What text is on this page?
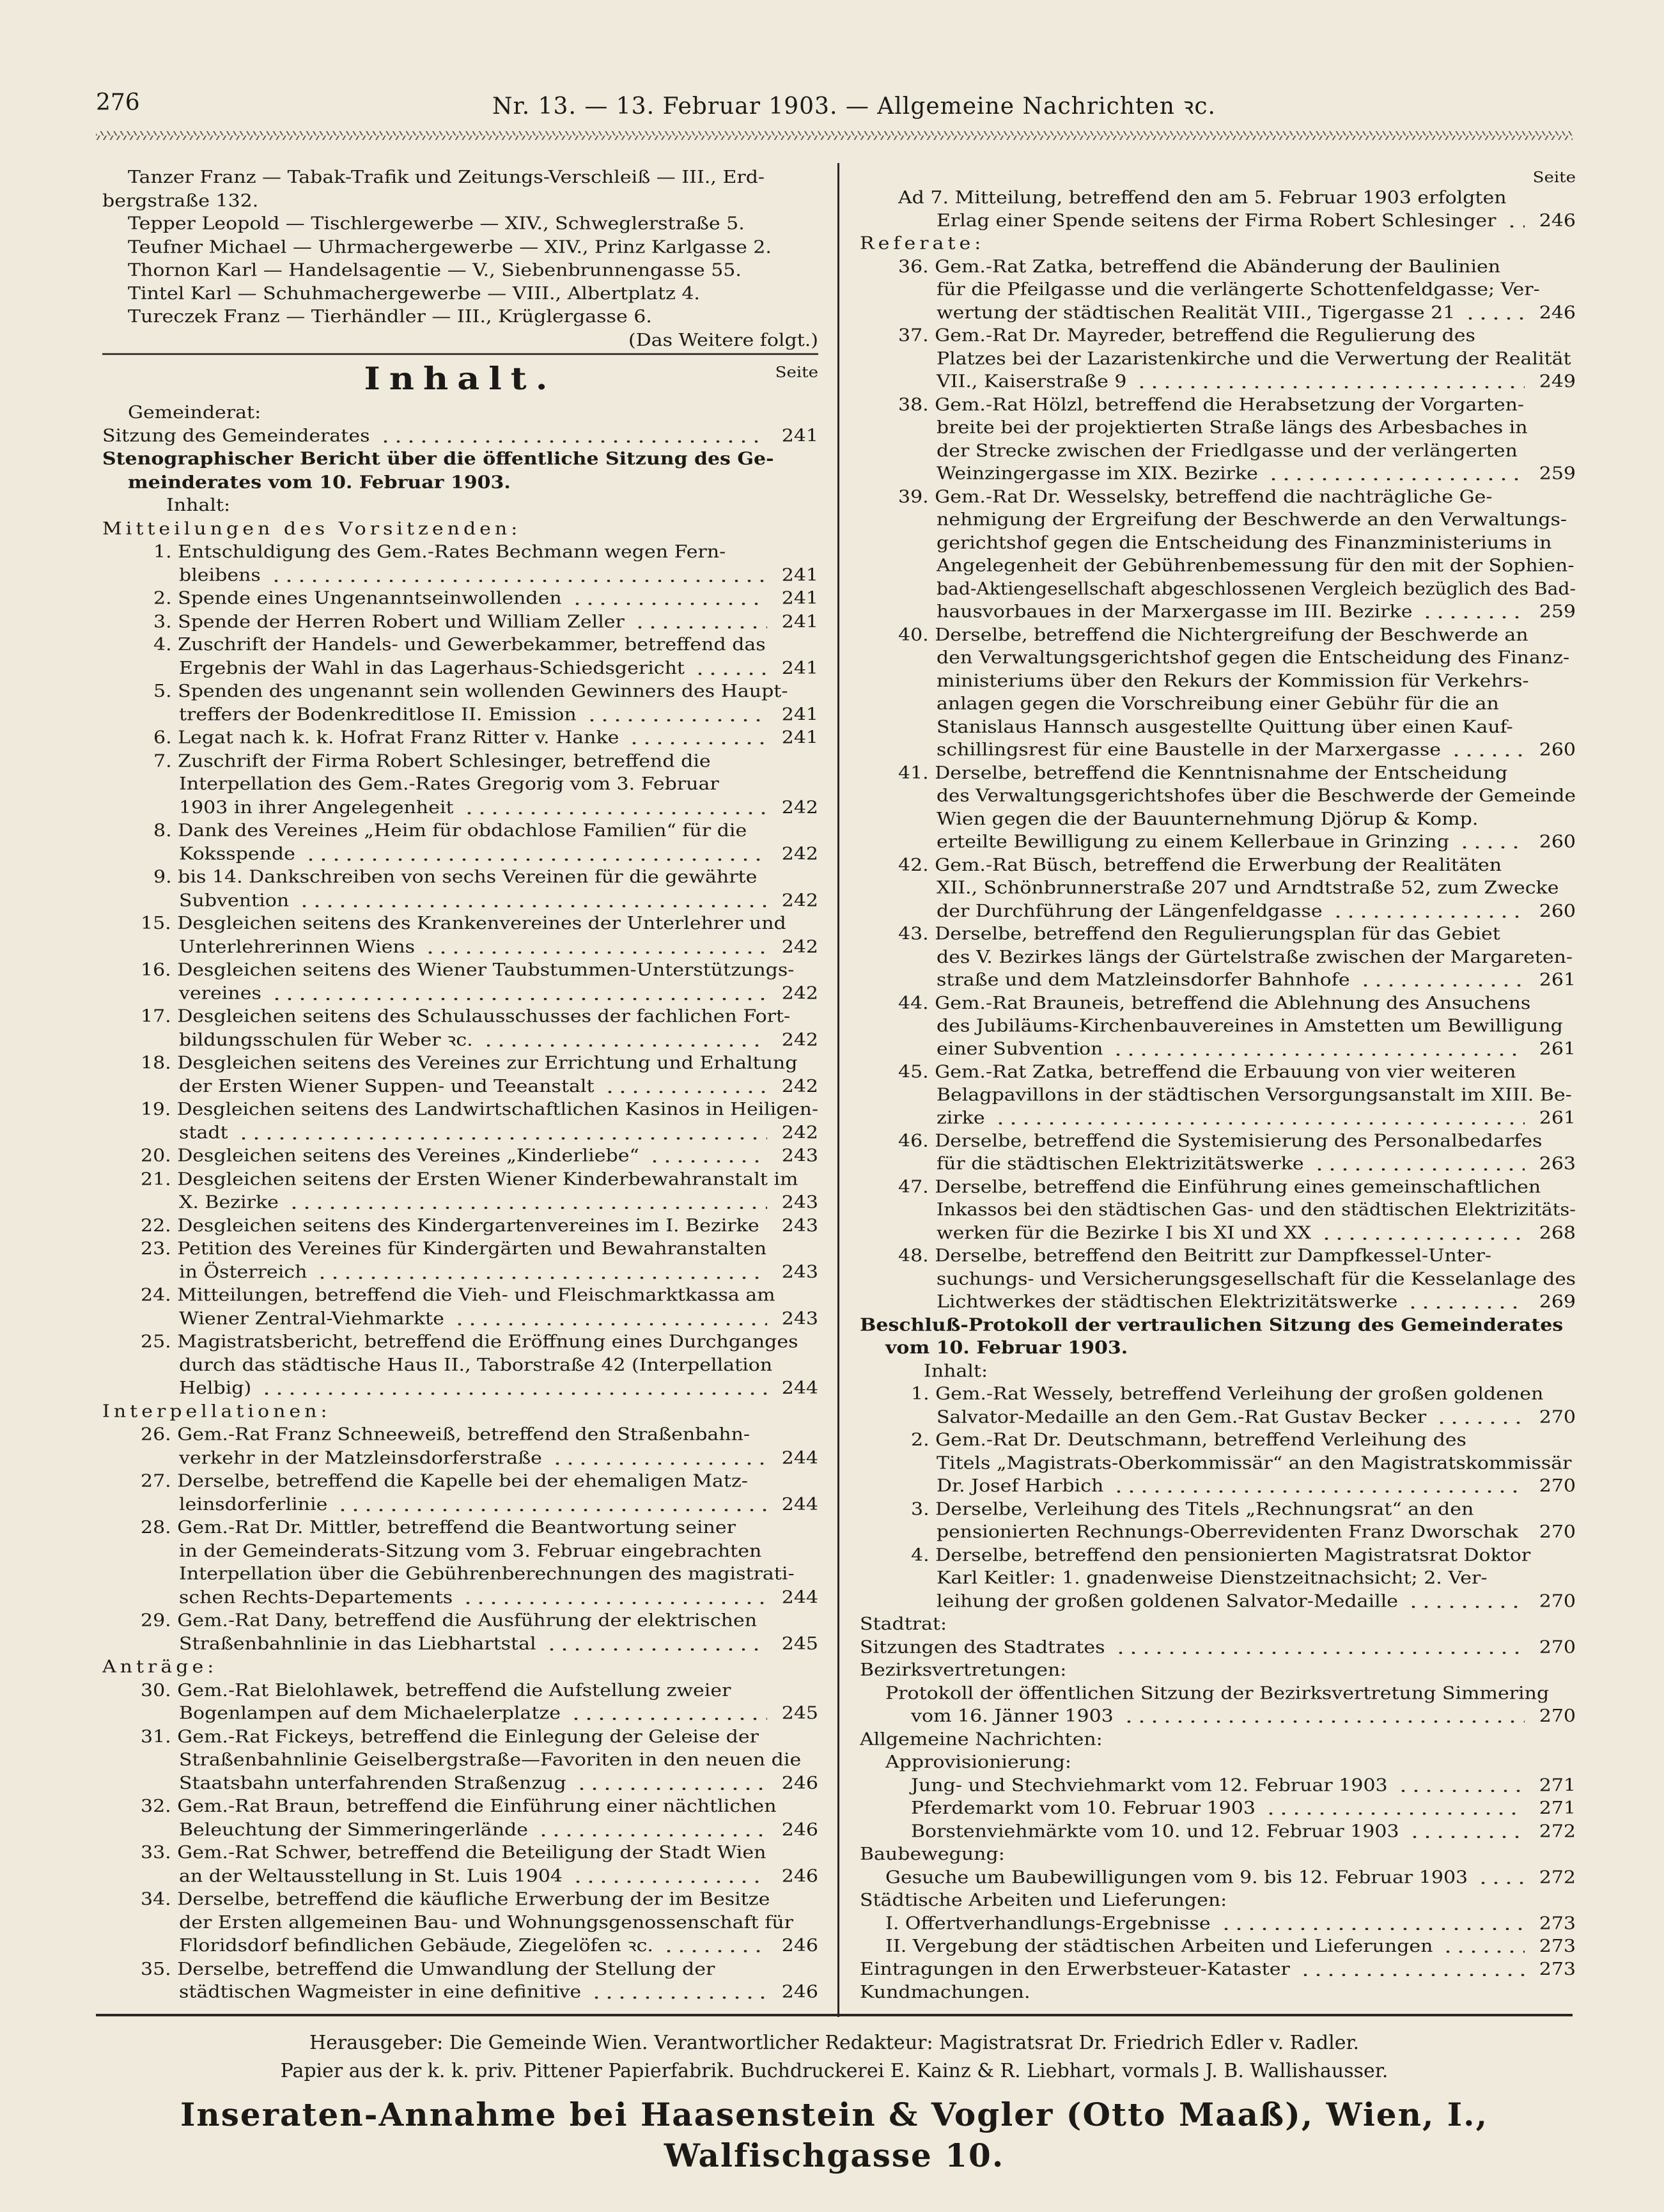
276	Nr. 13. — 13. Februar 1903. — Allgemeine Nachrichten ꝛc.
Tanzer Franz — Tabak-Trafik und Zeitungs-Verschleiß — III., Erd-
bergstraße 132.
Tepper Leopold — Tischlergewerbe — XIV., Schweglerstraße 5.
Teufner Michael — Uhrmachergewerbe — XIV., Prinz Karlgasse 2.
Thornon Karl — Handelsagentie — V., Siebenbrunnengasse 55.
Tintel Karl — Schuhmachergewerbe — VIII., Albertplatz 4.
Tureczek Franz — Tierhändler — III., Krüglergasse 6.
(Das Weitere folgt.)
Inhalt.	Seite
Gemeinderat:
Sitzung des Gemeinderates	241
Stenographischer Bericht über die öffentliche Sitzung des Ge-
meinderates vom 10. Februar 1903.
Inhalt:
Mitteilungen des Vorsitzenden:
1. Entschuldigung des Gem.-Rates Bechmann wegen Fern-
bleibens	241
2. Spende eines Ungenanntseinwollenden	241
3. Spende der Herren Robert und William Zeller	241
4. Zuschrift der Handels- und Gewerbekammer, betreffend das
Ergebnis der Wahl in das Lagerhaus-Schiedsgericht	241
5. Spenden des ungenannt sein wollenden Gewinners des Haupt-
treffers der Bodenkreditlose II. Emission	241
6. Legat nach k. k. Hofrat Franz Ritter v. Hanke	241
7. Zuschrift der Firma Robert Schlesinger, betreffend die
Interpellation des Gem.-Rates Gregorig vom 3. Februar
1903 in ihrer Angelegenheit	242
8. Dank des Vereines „Heim für obdachlose Familien“ für die
Koksspende	242
9. bis 14. Dankschreiben von sechs Vereinen für die gewährte
Subvention	242
15. Desgleichen seitens des Krankenvereines der Unterlehrer und
Unterlehrerinnen Wiens	242
16. Desgleichen seitens des Wiener Taubstummen-Unterstützungs-
vereines	242
17. Desgleichen seitens des Schulausschusses der fachlichen Fort-
bildungsschulen für Weber ꝛc.	242
18. Desgleichen seitens des Vereines zur Errichtung und Erhaltung
der Ersten Wiener Suppen- und Teeanstalt	242
19. Desgleichen seitens des Landwirtschaftlichen Kasinos in Heiligen-
stadt	242
20. Desgleichen seitens des Vereines „Kinderliebe“	243
21. Desgleichen seitens der Ersten Wiener Kinderbewahranstalt im
X. Bezirke	243
22. Desgleichen seitens des Kindergartenvereines im I. Bezirke 243
23. Petition des Vereines für Kindergärten und Bewahranstalten
in Österreich	243
24. Mitteilungen, betreffend die Vieh- und Fleischmarktkassa am
Wiener Zentral-Viehmarkte	243
25. Magistratsbericht, betreffend die Eröffnung eines Durchganges
durch das städtische Haus II., Taborstraße 42 (Interpellation
Helbig)	244
Interpellationen:
26. Gem.-Rat Franz Schneeweiß, betreffend den Straßenbahn-
verkehr in der Matzleinsdorferstraße	244
27. Derselbe, betreffend die Kapelle bei der ehemaligen Matz-
leinsdorferlinie	244
28. Gem.-Rat Dr. Mittler, betreffend die Beantwortung seiner
in der Gemeinderats-Sitzung vom 3. Februar eingebrachten
Interpellation über die Gebührenberechnungen des magistrati-
schen Rechts-Departements	244
29. Gem.-Rat Dany, betreffend die Ausführung der elektrischen
Straßenbahnlinie in das Liebhartstal	245
Anträge:
30. Gem.-Rat Bielohlawek, betreffend die Aufstellung zweier
Bogenlampen auf dem Michaelerplatze	245
31. Gem.-Rat Fickeys, betreffend die Einlegung der Geleise der
Straßenbahnlinie Geiselbergstraße—Favoriten in den neuen die
Staatsbahn unterfahrenden Straßenzug	246
32. Gem.-Rat Braun, betreffend die Einführung einer nächtlichen
Beleuchtung der Simmeringerlände	246
33. Gem.-Rat Schwer, betreffend die Beteiligung der Stadt Wien
an der Weltausstellung in St. Luis 1904	246
34. Derselbe, betreffend die käufliche Erwerbung der im Besitze
der Ersten allgemeinen Bau- und Wohnungsgenossenschaft für
Floridsdorf befindlichen Gebäude, Ziegelöfen ꝛc.	246
35. Derselbe, betreffend die Umwandlung der Stellung der
städtischen Wagmeister in eine definitive	246
Seite
Ad 7. Mitteilung, betreffend den am 5. Februar 1903 erfolgten
Erlag einer Spende seitens der Firma Robert Schlesinger 246
Referate:
36. Gem.-Rat Zatka, betreffend die Abänderung der Baulinien
für die Pfeilgasse und die verlängerte Schottenfeldgasse; Ver-
wertung der städtischen Realität VIII., Tigergasse 21	246
37. Gem.-Rat Dr. Mayreder, betreffend die Regulierung des
Platzes bei der Lazaristenkirche und die Verwertung der Realität
VII., Kaiserstraße 9	249
38. Gem.-Rat Hölzl, betreffend die Herabsetzung der Vorgarten-
breite bei der projektierten Straße längs des Arbesbaches in
der Strecke zwischen der Friedlgasse und der verlängerten
Weinzingergasse im XIX. Bezirke	259
39. Gem.-Rat Dr. Wesselsky, betreffend die nachträgliche Ge-
nehmigung der Ergreifung der Beschwerde an den Verwaltungs-
gerichtshof gegen die Entscheidung des Finanzministeriums in
Angelegenheit der Gebührenbemessung für den mit der Sophien-
bad-Aktiengesellschaft abgeschlossenen Vergleich bezüglich des Bad-
hausvorbaues in der Marxergasse im III. Bezirke	259
40. Derselbe, betreffend die Nichtergreifung der Beschwerde an
den Verwaltungsgerichtshof gegen die Entscheidung des Finanz-
ministeriums über den Rekurs der Kommission für Verkehrs-
anlagen gegen die Vorschreibung einer Gebühr für die an
Stanislaus Hannsch ausgestellte Quittung über einen Kauf-
schillingsrest für eine Baustelle in der Marxergasse	260
41. Derselbe, betreffend die Kenntnisnahme der Entscheidung
des Verwaltungsgerichtshofes über die Beschwerde der Gemeinde
Wien gegen die der Bauunternehmung Djörup & Komp.
erteilte Bewilligung zu einem Kellerbaue in Grinzing	260
42. Gem.-Rat Büsch, betreffend die Erwerbung der Realitäten
XII., Schönbrunnerstraße 207 und Arndtstraße 52, zum Zwecke
der Durchführung der Längenfeldgasse	260
43. Derselbe, betreffend den Regulierungsplan für das Gebiet
des V. Bezirkes längs der Gürtelstraße zwischen der Margareten-
straße und dem Matzleinsdorfer Bahnhofe	261
44. Gem.-Rat Brauneis, betreffend die Ablehnung des Ansuchens
des Jubiläums-Kirchenbauvereines in Amstetten um Bewilligung
einer Subvention	261
45. Gem.-Rat Zatka, betreffend die Erbauung von vier weiteren
Belagpavillons in der städtischen Versorgungsanstalt im XIII. Be-
zirke	261
46. Derselbe, betreffend die Systemisierung des Personalbedarfes
für die städtischen Elektrizitätswerke	263
47. Derselbe, betreffend die Einführung eines gemeinschaftlichen
Inkassos bei den städtischen Gas- und den städtischen Elektrizitäts-
werken für die Bezirke I bis XI und XX	268
48. Derselbe, betreffend den Beitritt zur Dampfkessel-Unter-
suchungs- und Versicherungsgesellschaft für die Kesselanlage des
Lichtwerkes der städtischen Elektrizitätswerke	269
Beschluß-Protokoll der vertraulichen Sitzung des Gemeinderates
vom 10. Februar 1903.
Inhalt:
1. Gem.-Rat Wessely, betreffend Verleihung der großen goldenen
Salvator-Medaille an den Gem.-Rat Gustav Becker	270
2. Gem.-Rat Dr. Deutschmann, betreffend Verleihung des
Titels „Magistrats-Oberkommissär“ an den Magistratskommissär
Dr. Josef Harbich	270
3. Derselbe, Verleihung des Titels „Rechnungsrat“ an den
pensionierten Rechnungs-Oberrevidenten Franz Dworschak 270
4. Derselbe, betreffend den pensionierten Magistratsrat Doktor
Karl Keitler: 1. gnadenweise Dienstzeitnachsicht; 2. Ver-
leihung der großen goldenen Salvator-Medaille	270
Stadtrat:
Sitzungen des Stadtrates	270
Bezirksvertretungen:
Protokoll der öffentlichen Sitzung der Bezirksvertretung Simmering
vom 16. Jänner 1903	270
Allgemeine Nachrichten:
Approvisionierung:
Jung- und Stechviehmarkt vom 12. Februar 1903	271
Pferdemarkt vom 10. Februar 1903	271
Borstenviehmärkte vom 10. und 12. Februar 1903	272
Baubewegung:
Gesuche um Baubewilligungen vom 9. bis 12. Februar 1903	272
Städtische Arbeiten und Lieferungen:
I. Offertverhandlungs-Ergebnisse	273
II. Vergebung der städtischen Arbeiten und Lieferungen	273
Eintragungen in den Erwerbsteuer-Kataster	273
Kundmachungen.
Herausgeber: Die Gemeinde Wien. Verantwortlicher Redakteur: Magistratsrat Dr. Friedrich Edler v. Radler.
Papier aus der k. k. priv. Pittener Papierfabrik. Buchdruckerei E. Kainz & R. Liebhart, vormals J. B. Wallishausser.
Inseraten-Annahme bei Haasenstein & Vogler (Otto Maaß), Wien, I., Walfischgasse 10.
